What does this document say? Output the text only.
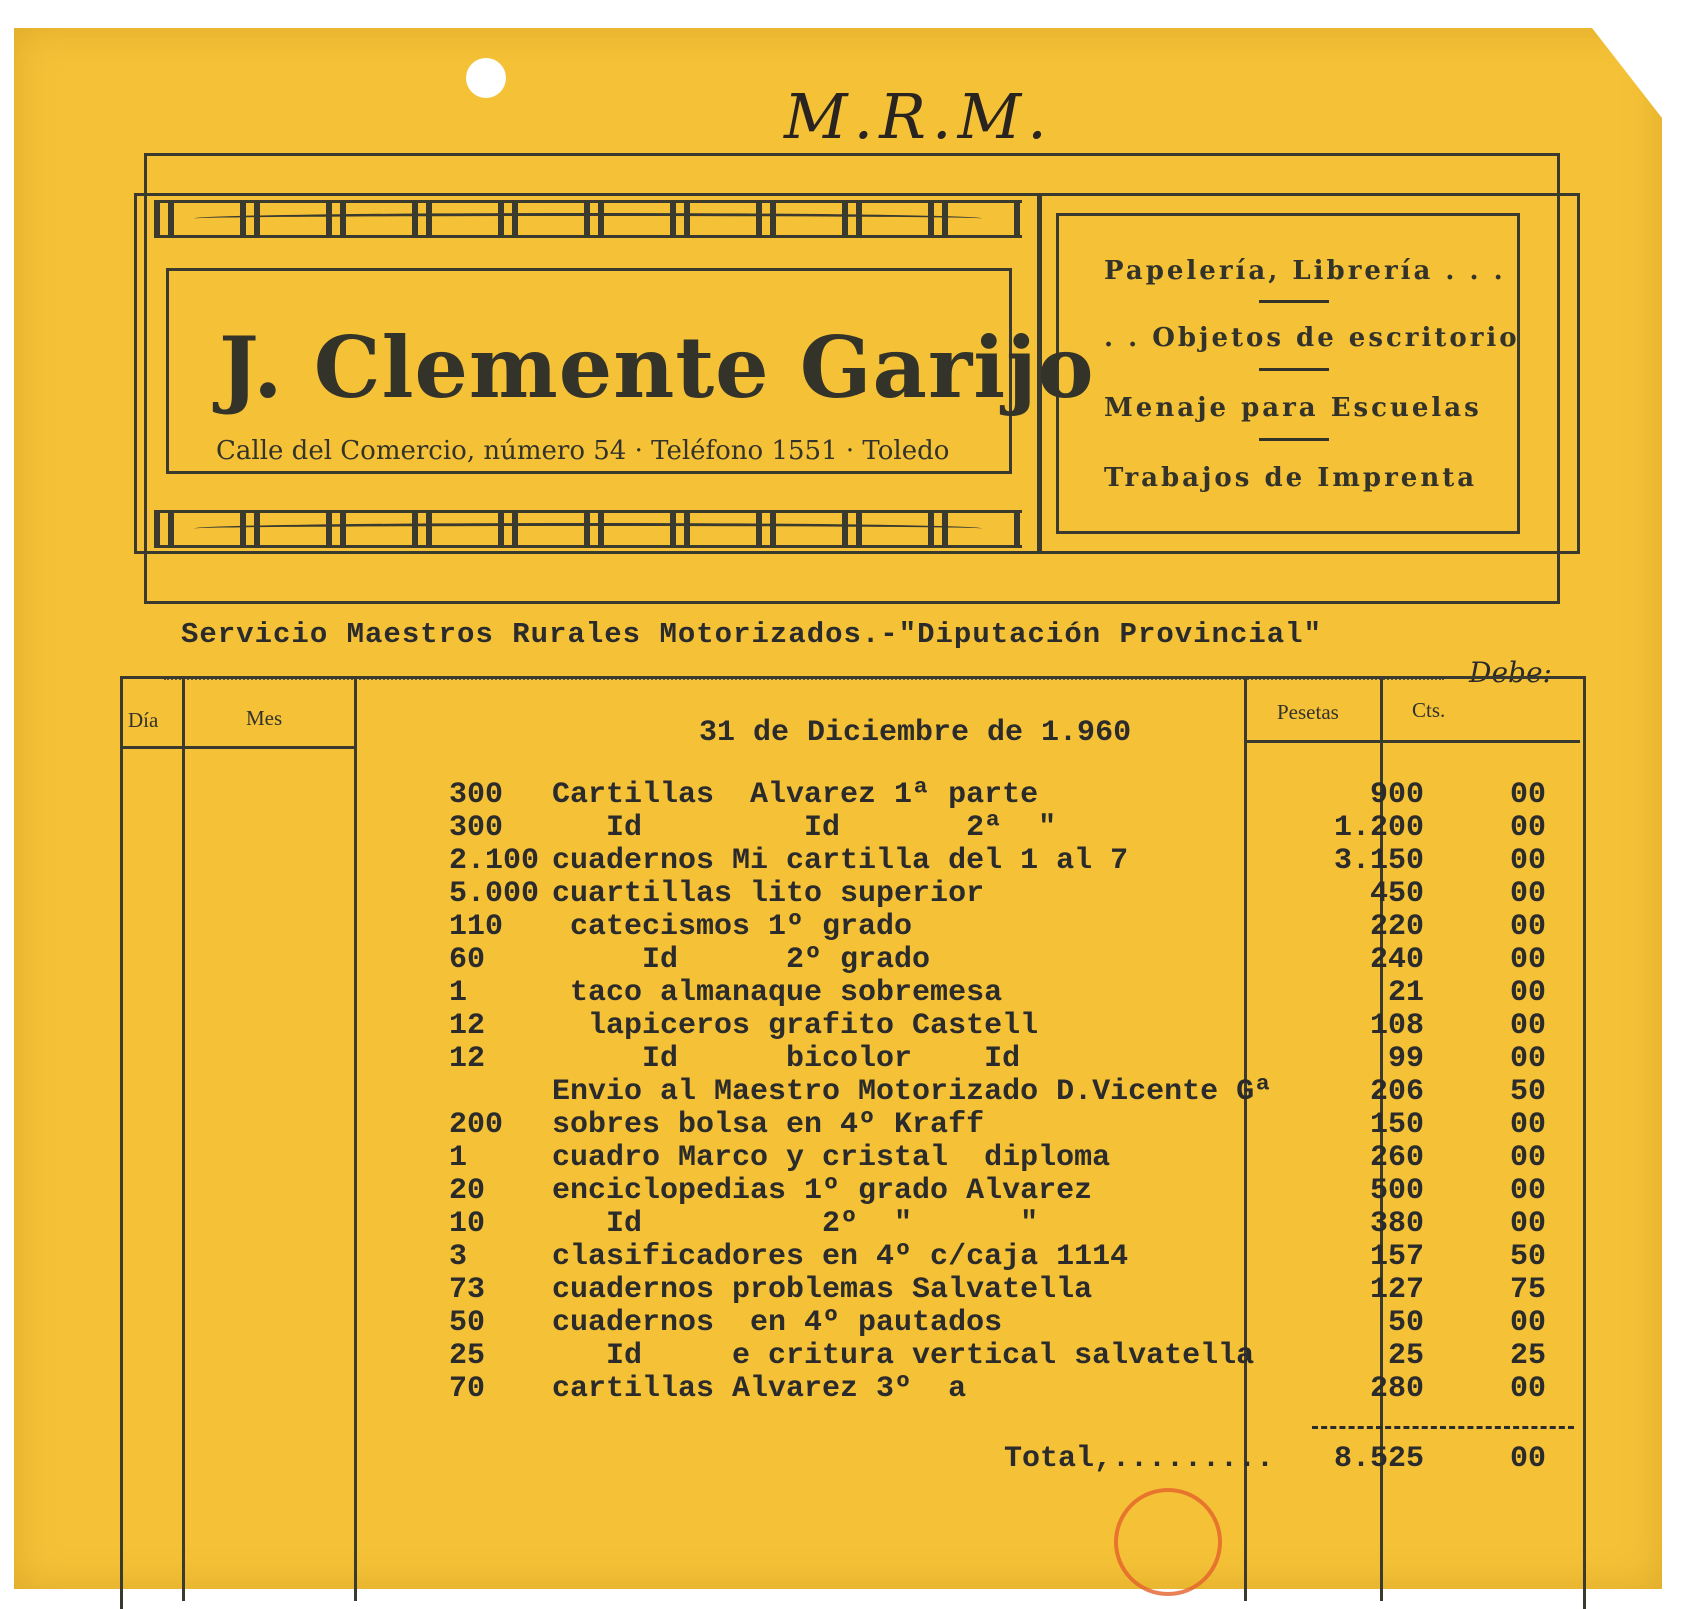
M.R.M.
J. Clemente Garijo
Calle del Comercio, número 54 · Teléfono 1551 · Toledo
Papelería, Librería . . .
. . Objetos de escritorio
Menaje para Escuelas
Trabajos de Imprenta
Servicio Maestros Rurales Motorizados.-"Diputación Provincial"
Debe:
Día	Mes	Pesetas	Cts.
31 de Diciembre de 1.960
300 Cartillas  Alvarez 1ª parte	900	00
300 Id         Id       2ª  "	1.200	00
2.100 cuadernos Mi cartilla del 1 al 7	3.150	00
5.000 cuartillas lito superior	450	00
110 catecismos 1º grado	220	00
60 Id      2º grado	240	00
1	taco almanaque sobremesa	21	00
12 lapiceros grafito Castell	108	00
12 Id      bicolor    Id	99	00
Envio al Maestro Motorizado D.Vicente Gª	206	50
200 sobres bolsa en 4º Kraff	150	00
1	cuadro Marco y cristal  diploma	260	00
20 enciclopedias 1º grado Alvarez	500	00
10 Id          2º  "      "	380	00
3	clasificadores en 4º c/caja 1114	157	50
73 cuadernos problemas Salvatella	127	75
50 cuadernos  en 4º pautados	50	00
25 Id     e critura vertical salvatella	25	25
70 cartillas Alvarez 3º  a	280	00
Total,......... 8.525	00
